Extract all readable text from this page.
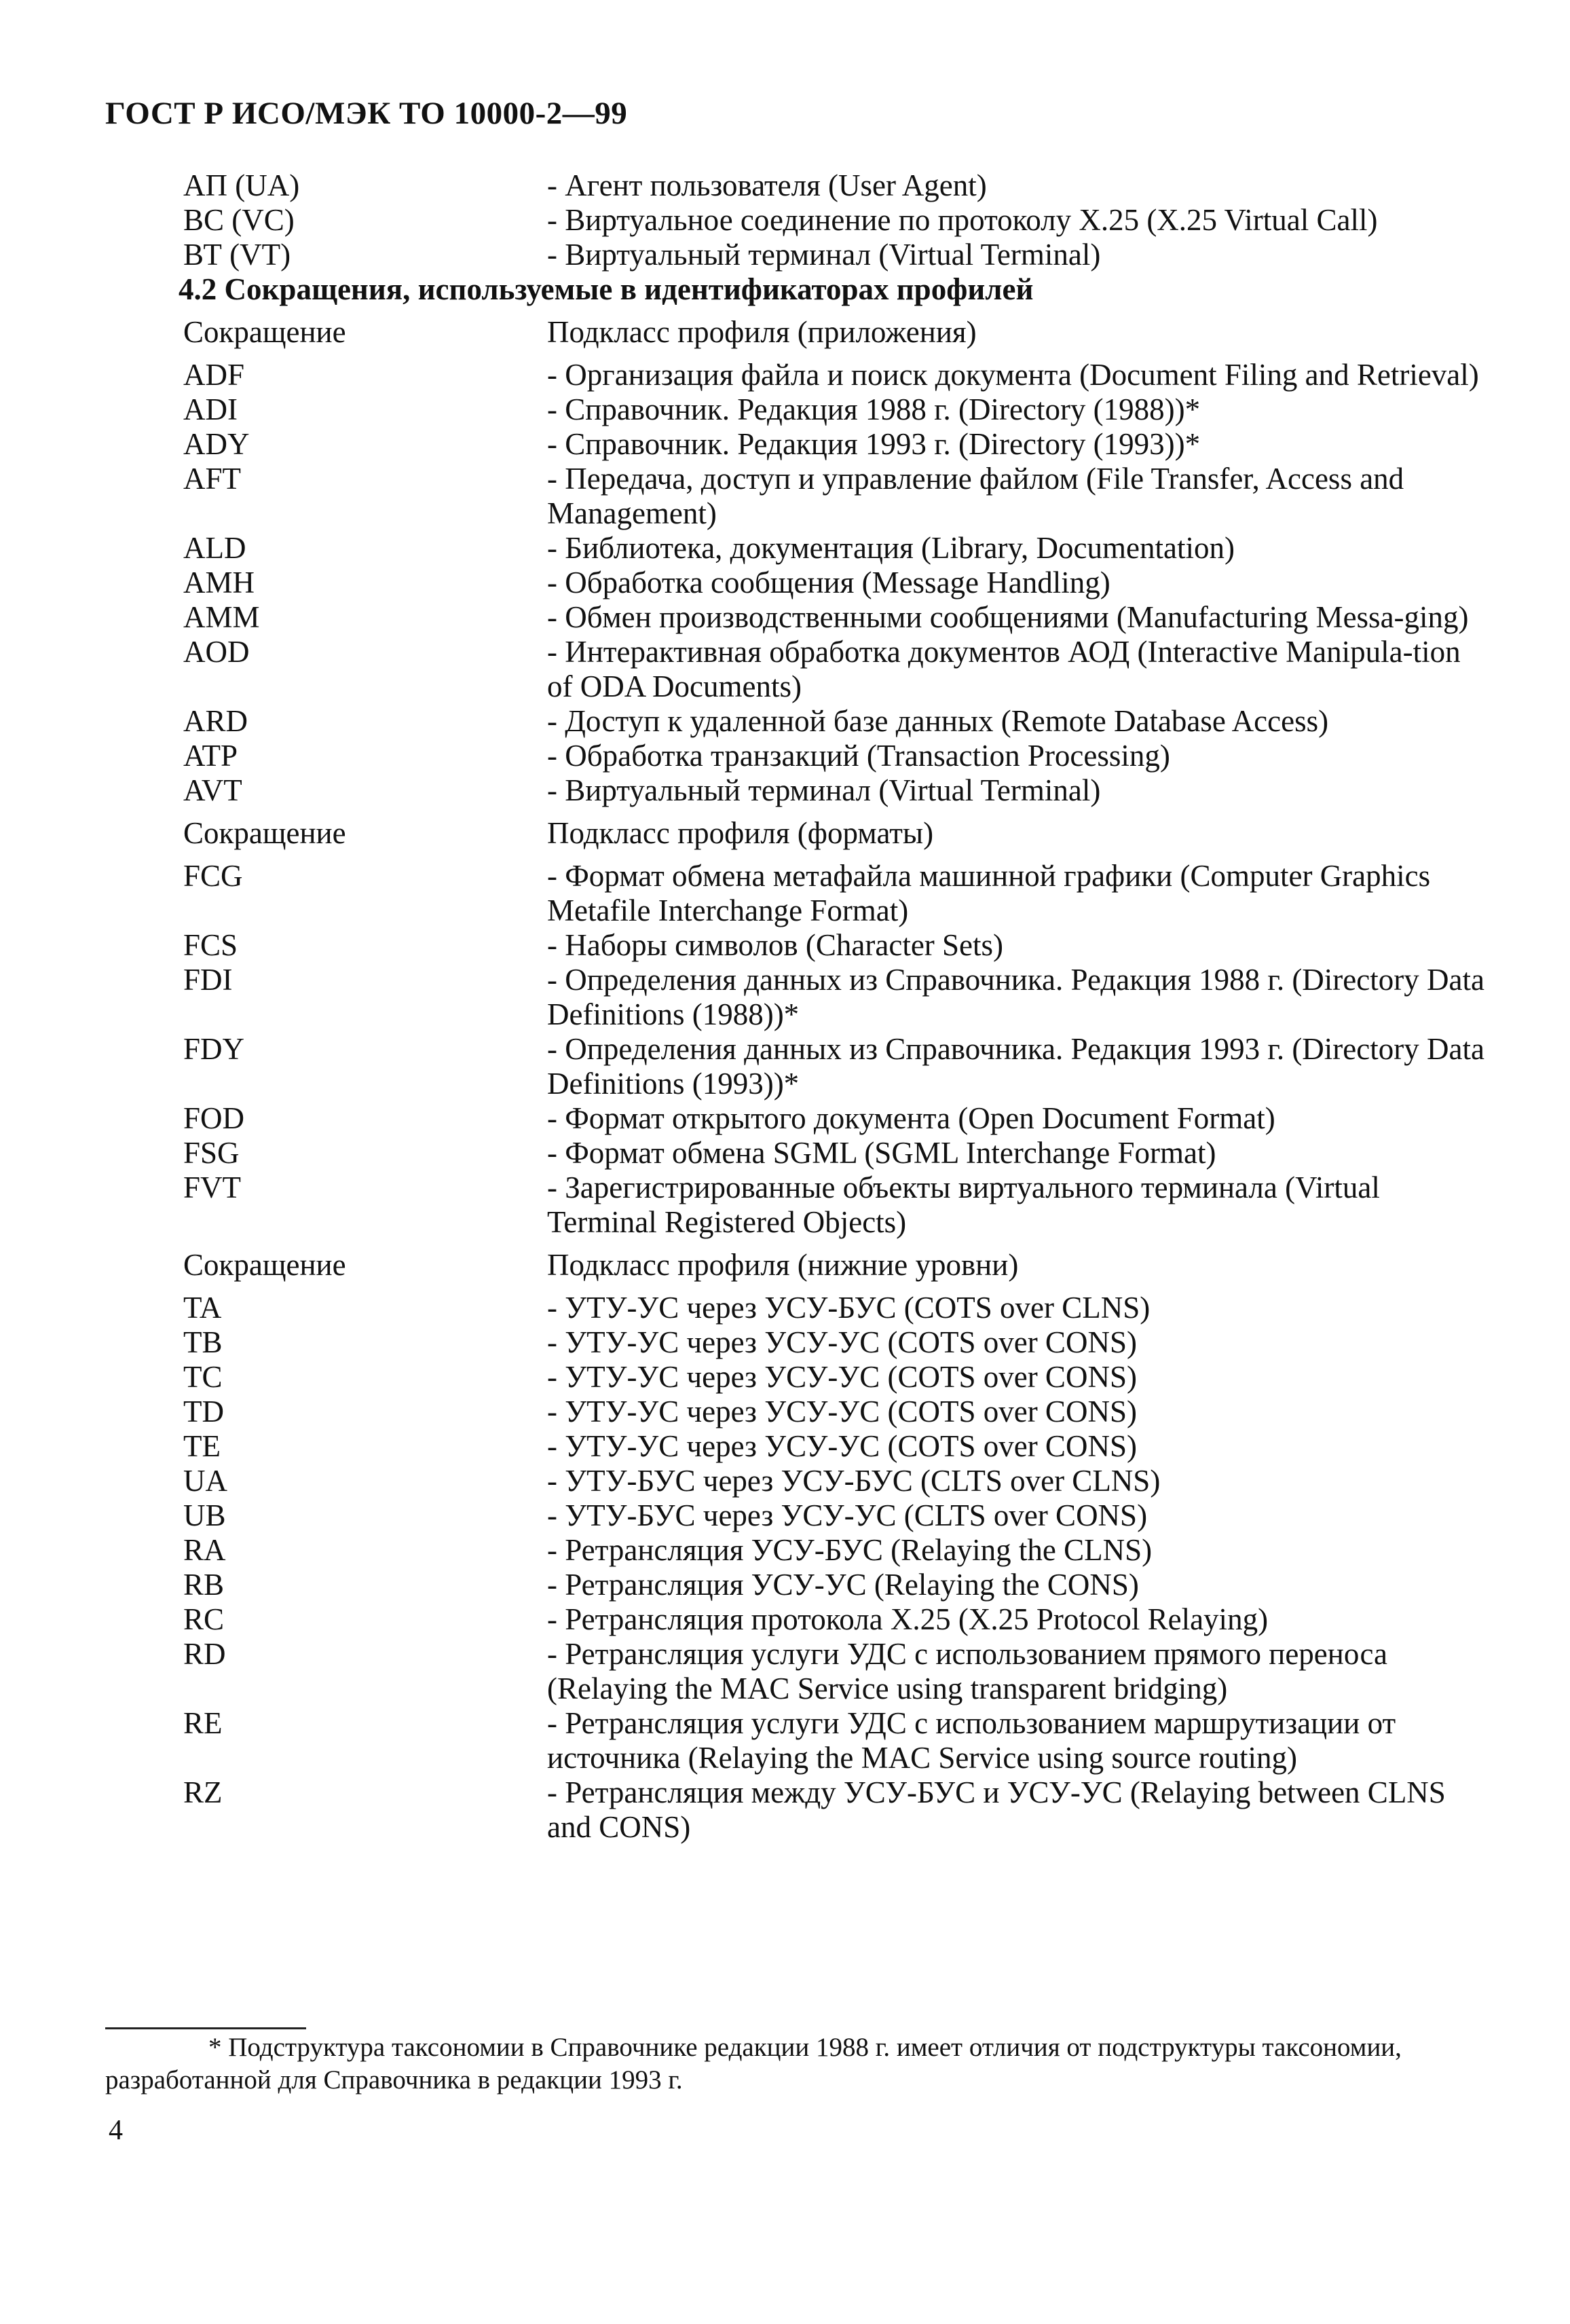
ГОСТ Р ИСО/МЭК ТО 10000-2—99
АП (UA)	- Агент пользователя (User Agent)
ВС (VC)	- Виртуальное соединение по протоколу X.25 (X.25 Virtual Call)
ВТ (VT)	- Виртуальный терминал (Virtual Terminal)
4.2 Сокращения, используемые в идентификаторах профилей
Сокращение	Подкласс профиля (приложения)
ADF	- Организация файла и поиск документа (Document Filing and Retrieval)
ADI	- Справочник. Редакция 1988 г. (Directory (1988))*
ADY	- Справочник. Редакция 1993 г. (Directory (1993))*
AFT	- Передача, доступ и управление файлом (File Transfer, Access and Management)
ALD	- Библиотека, документация (Library, Documentation)
AMH	- Обработка сообщения (Message Handling)
AMM	- Обмен производственными сообщениями (Manufacturing Messa-ging)
AOD	- Интерактивная обработка документов АОД (Interactive Manipula-tion of ODA Documents)
ARD	- Доступ к удаленной базе данных (Remote Database Access)
ATP	- Обработка транзакций (Transaction Processing)
AVT	- Виртуальный терминал (Virtual Terminal)
Сокращение	Подкласс профиля (форматы)
FCG	- Формат обмена метафайла машинной графики (Computer Graphics Metafile Interchange Format)
FCS	- Наборы символов (Character Sets)
FDI	- Определения данных из Справочника. Редакция 1988 г. (Directory Data Definitions (1988))*
FDY	- Определения данных из Справочника. Редакция 1993 г. (Directory Data Definitions (1993))*
FOD	- Формат открытого документа (Open Document Format)
FSG	- Формат обмена SGML (SGML Interchange Format)
FVT	- Зарегистрированные объекты виртуального терминала (Virtual Terminal Registered Objects)
Сокращение	Подкласс профиля (нижние уровни)
TA	- УТУ-УС через УСУ-БУС (COTS over CLNS)
TB	- УТУ-УС через УСУ-УС (COTS over CONS)
TC	- УТУ-УС через УСУ-УС (COTS over CONS)
TD	- УТУ-УС через УСУ-УС (COTS over CONS)
TE	- УТУ-УС через УСУ-УС (COTS over CONS)
UA	- УТУ-БУС через УСУ-БУС (CLTS over CLNS)
UB	- УТУ-БУС через УСУ-УС (CLTS over CONS)
RA	- Ретрансляция УСУ-БУС (Relaying the CLNS)
RB	- Ретрансляция УСУ-УС (Relaying the CONS)
RC	- Ретрансляция протокола X.25 (X.25 Protocol Relaying)
RD	- Ретрансляция услуги УДС с использованием прямого переноса (Relaying the MAC Service using transparent bridging)
RE	- Ретрансляция услуги УДС с использованием маршрутизации от источника (Relaying the MAC Service using source routing)
RZ	- Ретрансляция между УСУ-БУС и УСУ-УС (Relaying between CLNS and CONS)
* Подструктура таксономии в Справочнике редакции 1988 г. имеет отличия от подструктуры таксономии, разработанной для Справочника в редакции 1993 г.
4
